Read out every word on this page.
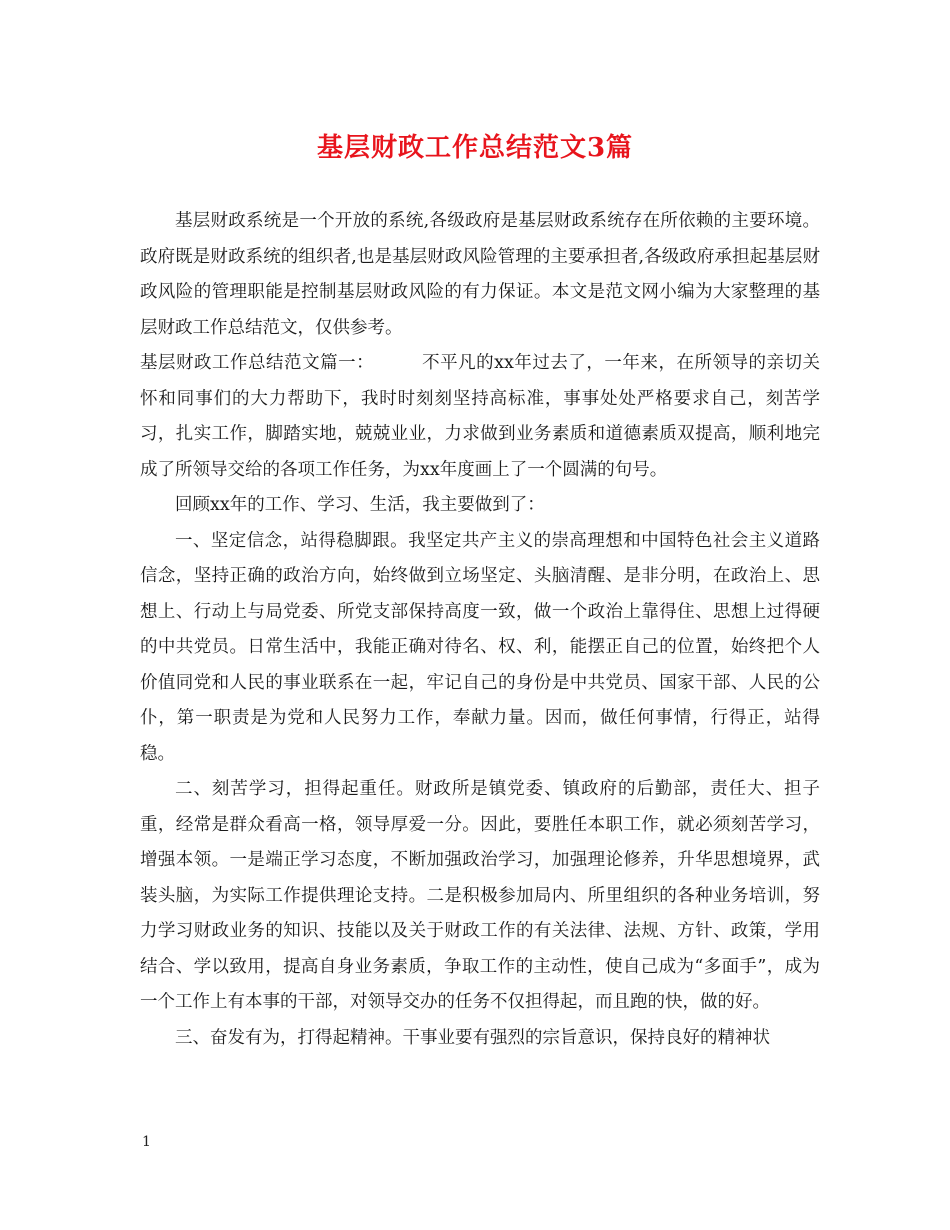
基层财政工作总结范文3篇

基层财政系统是一个开放的系统,各级政府是基层财政系统存在所依赖的主要环境。政府既是财政系统的组织者,也是基层财政风险管理的主要承担者,各级政府承担起基层财政风险的管理职能是控制基层财政风险的有力保证。本文是范文网小编为大家整理的基层财政工作总结范文，仅供参考。

基层财政工作总结范文篇一：	不平凡的xx年过去了，一年来，在所领导的亲切关怀和同事们的大力帮助下，我时时刻刻坚持高标准，事事处处严格要求自己，刻苦学习，扎实工作，脚踏实地，兢兢业业，力求做到业务素质和道德素质双提高，顺利地完成了所领导交给的各项工作任务，为xx年度画上了一个圆满的句号。

回顾xx年的工作、学习、生活，我主要做到了：

一、坚定信念，站得稳脚跟。我坚定共产主义的崇高理想和中国特色社会主义道路信念，坚持正确的政治方向，始终做到立场坚定、头脑清醒、是非分明，在政治上、思想上、行动上与局党委、所党支部保持高度一致，做一个政治上靠得住、思想上过得硬的中共党员。日常生活中，我能正确对待名、权、利，能摆正自己的位置，始终把个人价值同党和人民的事业联系在一起，牢记自己的身份是中共党员、国家干部、人民的公仆，第一职责是为党和人民努力工作，奉献力量。因而，做任何事情，行得正，站得稳。

二、刻苦学习，担得起重任。财政所是镇党委、镇政府的后勤部，责任大、担子重，经常是群众看高一格，领导厚爱一分。因此，要胜任本职工作，就必须刻苦学习，增强本领。一是端正学习态度，不断加强政治学习，加强理论修养，升华思想境界，武装头脑，为实际工作提供理论支持。二是积极参加局内、所里组织的各种业务培训，努力学习财政业务的知识、技能以及关于财政工作的有关法律、法规、方针、政策，学用结合、学以致用，提高自身业务素质，争取工作的主动性，使自己成为“多面手”，成为一个工作上有本事的干部，对领导交办的任务不仅担得起，而且跑的快，做的好。

三、奋发有为，打得起精神。干事业要有强烈的宗旨意识，保持良好的精神状

1
